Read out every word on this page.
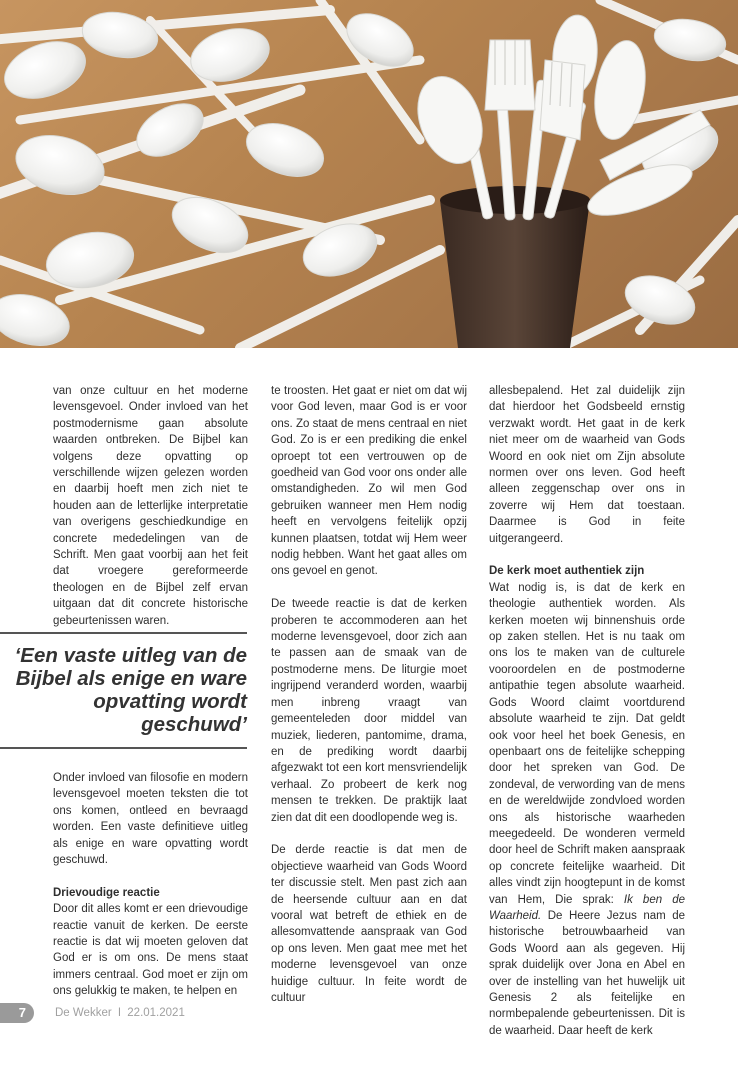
van onze cultuur en het moderne levensgevoel. Onder invloed van het postmodernisme gaan absolute waarden ontbreken. De Bijbel kan volgens deze opvatting op verschillende wijzen gelezen worden en daarbij hoeft men zich niet te houden aan de letterlijke interpretatie van overigens geschiedkundige en concrete mededelingen van de Schrift. Men gaat voorbij aan het feit dat vroegere gereformeerde theologen en de Bijbel zelf ervan uitgaan dat dit concrete historische gebeurtenissen waren.

‘Een vaste uitleg van de Bijbel als enige en ware opvatting wordt geschuwd’

Onder invloed van filosofie en modern levensgevoel moeten teksten die tot ons komen, ontleed en bevraagd worden. Een vaste definitieve uitleg als enige en ware opvatting wordt geschuwd.

Drievoudige reactie

Door dit alles komt er een drievoudige reactie vanuit de kerken. De eerste reactie is dat wij moeten geloven dat God er is om ons. De mens staat immers centraal. God moet er zijn om ons gelukkig te maken, te helpen en

te troosten. Het gaat er niet om dat wij voor God leven, maar God is er voor ons. Zo staat de mens centraal en niet God. Zo is er een prediking die enkel oproept tot een vertrouwen op de goedheid van God voor ons onder alle omstandigheden. Zo wil men God gebruiken wanneer men Hem nodig heeft en vervolgens feitelijk opzij kunnen plaatsen, totdat wij Hem weer nodig hebben. Want het gaat alles om ons gevoel en genot.

De tweede reactie is dat de kerken proberen te accommoderen aan het moderne levensgevoel, door zich aan te passen aan de smaak van de postmoderne mens. De liturgie moet ingrijpend veranderd worden, waarbij men inbreng vraagt van gemeenteleden door middel van muziek, liederen, pantomime, drama, en de prediking wordt daarbij afgezwakt tot een kort mensvriendelijk verhaal. Zo probeert de kerk nog mensen te trekken. De praktijk laat zien dat dit een doodlopende weg is.

De derde reactie is dat men de objectieve waarheid van Gods Woord ter discussie stelt. Men past zich aan de heersende cultuur aan en dat vooral wat betreft de ethiek en de allesomvattende aanspraak van God op ons leven. Men gaat mee met het moderne levensgevoel van onze huidige cultuur. In feite wordt de cultuur

allesbepalend. Het zal duidelijk zijn dat hierdoor het Godsbeeld ernstig verzwakt wordt. Het gaat in de kerk niet meer om de waarheid van Gods Woord en ook niet om Zijn absolute normen over ons leven. God heeft alleen zeggenschap over ons in zoverre wij Hem dat toestaan. Daarmee is God in feite uitgerangeerd.

De kerk moet authentiek zijn

Wat nodig is, is dat de kerk en theologie authentiek worden. Als kerken moeten wij binnenshuis orde op zaken stellen. Het is nu taak om ons los te maken van de culturele vooroordelen en de postmoderne antipathie tegen absolute waarheid. Gods Woord claimt voortdurend absolute waarheid te zijn. Dat geldt ook voor heel het boek Genesis, en openbaart ons de feitelijke schepping door het spreken van God. De zondeval, de verwording van de mens en de wereldwijde zondvloed worden ons als historische waarheden meegedeeld. De wonderen vermeld door heel de Schrift maken aanspraak op concrete feitelijke waarheid. Dit alles vindt zijn hoogtepunt in de komst van Hem, Die sprak: Ik ben de Waarheid. De Heere Jezus nam de historische betrouwbaarheid van Gods Woord aan als gegeven. Hij sprak duidelijk over Jona en Abel en over de instelling van het huwelijk uit Genesis 2 als feitelijke en normbepalende gebeurtenissen. Dit is de waarheid. Daar heeft de kerk

7	De Wekker I 22.01.2021
